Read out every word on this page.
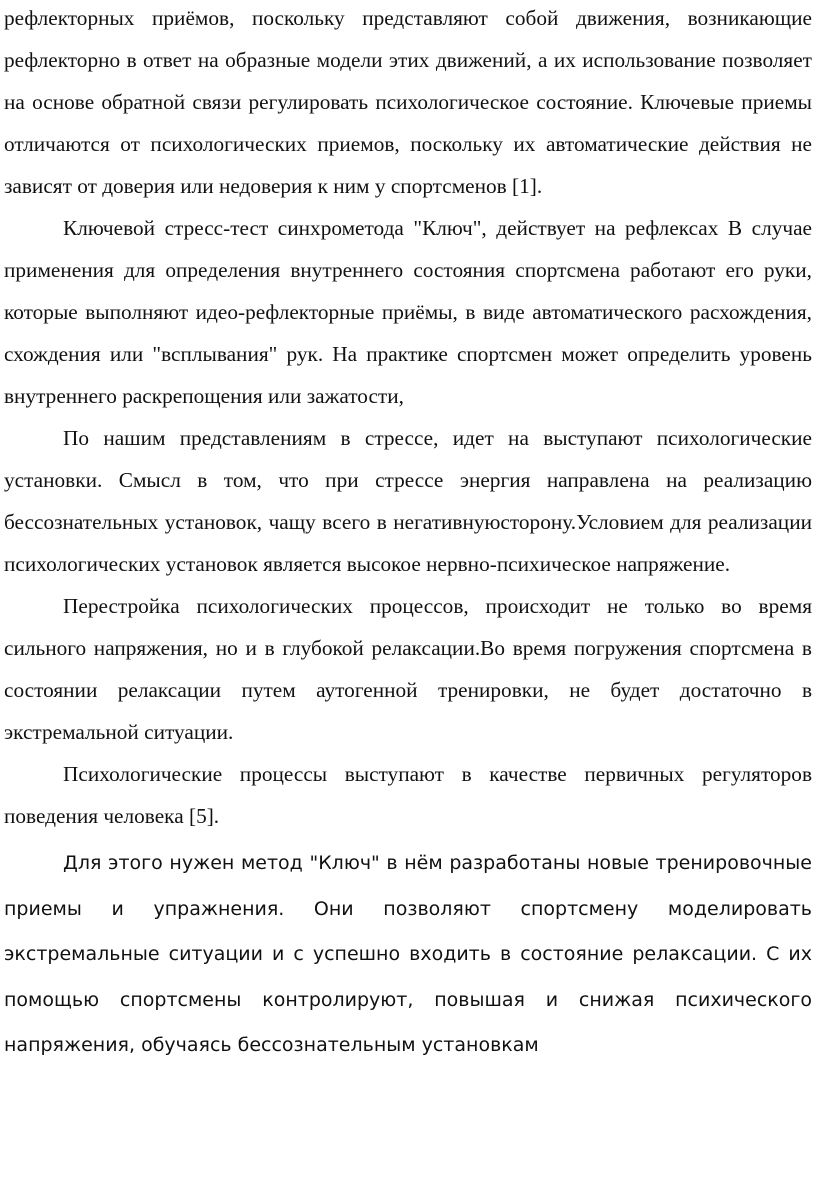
рефлекторных приёмов, поскольку представляют собой движения, возникающие рефлекторно в ответ на образные модели этих движений, а их использование позволяет на основе обратной связи регулировать психологическое состояние. Ключевые приемы отличаются от психологических приемов, поскольку их автоматические действия не зависят от доверия или недоверия к ним у спортсменов [1].

Ключевой стресс-тест синхрометода "Ключ", действует на рефлексах В случае применения для определения внутреннего состояния спортсмена работают его руки, которые выполняют идео-рефлекторные приёмы, в виде автоматического расхождения, схождения или "всплывания" рук. На практике спортсмен может определить уровень внутреннего раскрепощения или зажатости,

По нашим представлениям в стрессе, идет на выступают психологические установки. Смысл в том, что при стрессе энергия направлена на реализацию бессознательных установок, чащу всего в негативнуюсторону.Условием для реализации психологических установок является высокое нервно-психическое напряжение.

Перестройка психологических процессов, происходит не только во время сильного напряжения, но и в глубокой релаксации.Во время погружения спортсмена в состоянии релаксации путем аутогенной тренировки, не будет достаточно в экстремальной ситуации.

Психологические процессы выступают в качестве первичных регуляторов поведения человека [5].

Для этого нужен метод "Ключ" в нём разработаны новые тренировочные приемы и упражнения. Они позволяют спортсмену моделировать экстремальные ситуации и с успешно входить в состояние релаксации. С их помощью спортсмены контролируют, повышая и снижая психического напряжения, обучаясь бессознательным установкам
